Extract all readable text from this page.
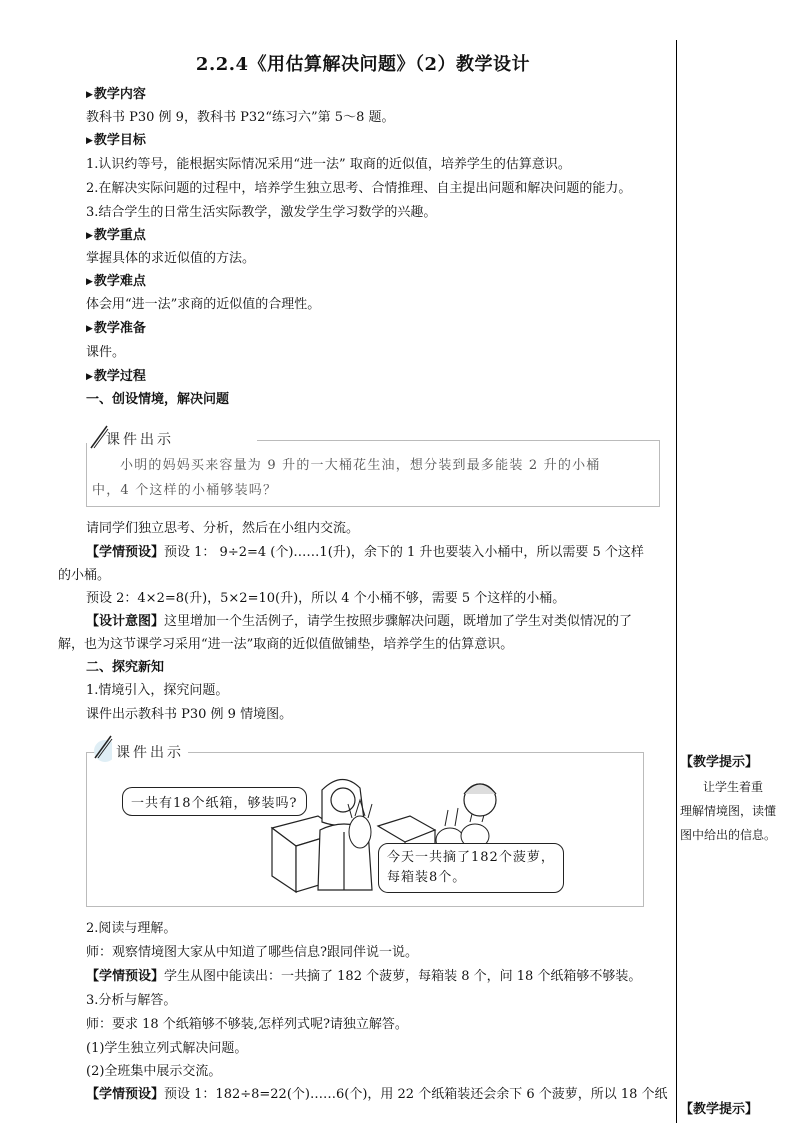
2.2.4《用估算解决问题》（2）教学设计
▶教学内容
教科书 P30 例 9，教科书 P32“练习六”第 5～8 题。
▶教学目标
1.认识约等号，能根据实际情况采用“进一法” 取商的近似值，培养学生的估算意识。
2.在解决实际问题的过程中，培养学生独立思考、合情推理、自主提出问题和解决问题的能力。
3.结合学生的日常生活实际教学，激发学生学习数学的兴趣。
▶教学重点
掌握具体的求近似值的方法。
▶教学难点
体会用“进一法”求商的近似值的合理性。
▶教学准备
课件。
▶教学过程
一、创设情境，解决问题
课件出示
小明的妈妈买来容量为 9 升的一大桶花生油，想分装到最多能装 2 升的小桶
中，4 个这样的小桶够装吗？
请同学们独立思考、分析，然后在小组内交流。
【学情预设】预设 1： 9÷2=4 (个)……1(升)，余下的 1 升也要装入小桶中，所以需要 5 个这样
的小桶。
预设 2：4×2=8(升)，5×2=10(升)，所以 4 个小桶不够，需要 5 个这样的小桶。
【设计意图】这里增加一个生活例子，请学生按照步骤解决问题，既增加了学生对类似情况的了
解，也为这节课学习采用“进一法”取商的近似值做铺垫，培养学生的估算意识。
二、探究新知
1.情境引入，探究问题。
课件出示教科书 P30 例 9 情境图。
课件出示
一共有18个纸箱，够装吗?
今天一共摘了182个菠萝，
每箱装8个。
2.阅读与理解。
师：观察情境图大家从中知道了哪些信息?跟同伴说一说。
【学情预设】学生从图中能读出：一共摘了 182 个菠萝，每箱装 8 个，问 18 个纸箱够不够装。
3.分析与解答。
师：要求 18 个纸箱够不够装,怎样列式呢?请独立解答。
(1)学生独立列式解决问题。
(2)全班集中展示交流。
【学情预设】预设 1：182÷8=22(个)……6(个)，用 22 个纸箱装还会余下 6 个菠萝，所以 18 个纸
【教学提示】
让学生着重
理解情境图，读懂
图中给出的信息。
【教学提示】
